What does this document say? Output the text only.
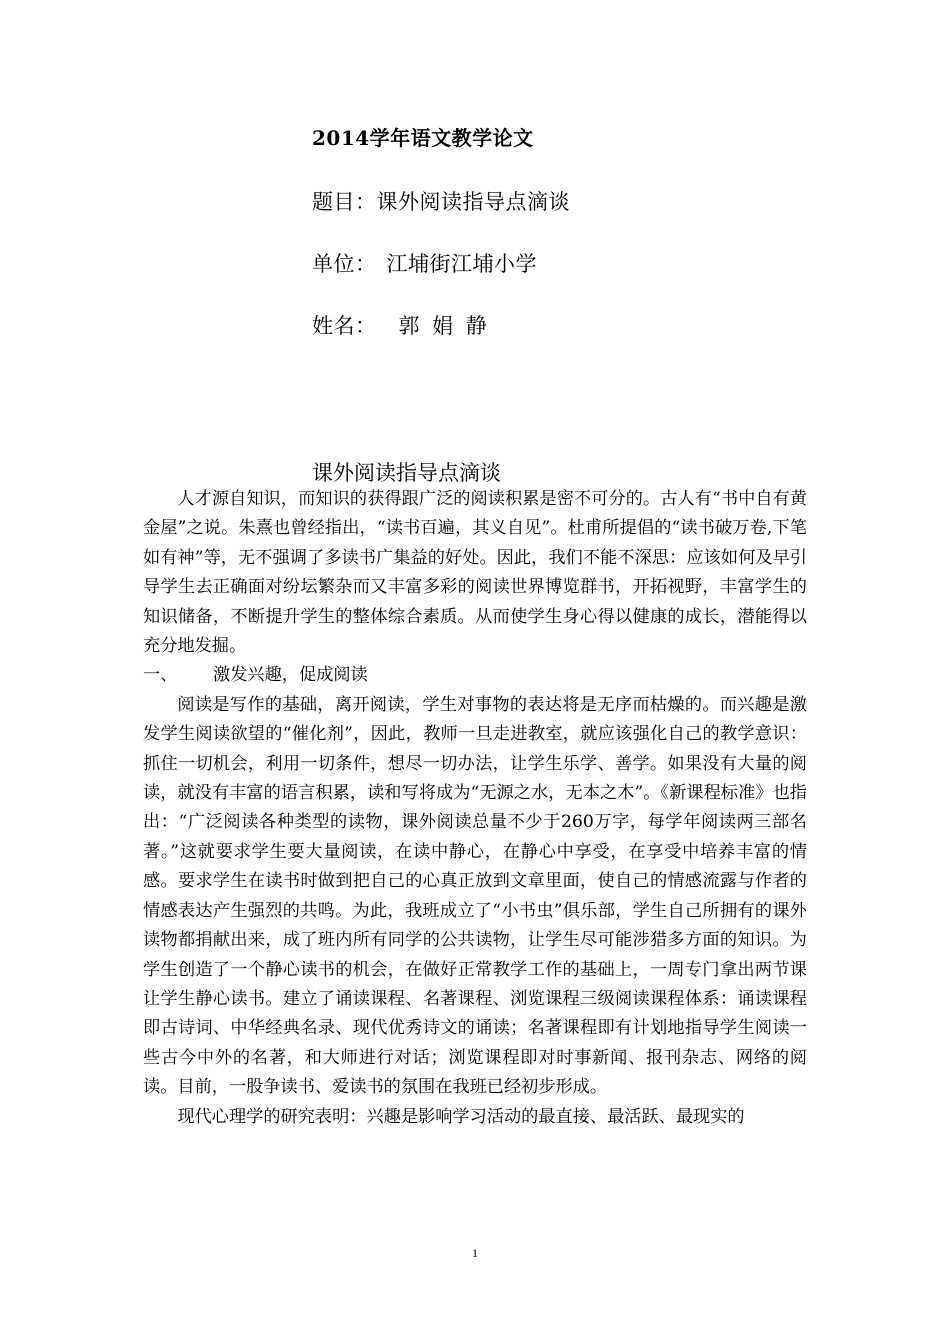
2014学年语文教学论文
题目：课外阅读指导点滴谈
单位： 江埔街江埔小学
姓名： 郭 娟 静
课外阅读指导点滴谈

人才源自知识，而知识的获得跟广泛的阅读积累是密不可分的。古人有“书中自有黄金屋”之说。朱熹也曾经指出，“读书百遍，其义自见”。杜甫所提倡的“读书破万卷,下笔如有神”等，无不强调了多读书广集益的好处。因此，我们不能不深思：应该如何及早引导学生去正确面对纷坛繁杂而又丰富多彩的阅读世界博览群书，开拓视野，丰富学生的知识储备，不断提升学生的整体综合素质。从而使学生身心得以健康的成长，潜能得以充分地发掘。

一、 激发兴趣，促成阅读

阅读是写作的基础，离开阅读，学生对事物的表达将是无序而枯燥的。而兴趣是激发学生阅读欲望的“催化剂”，因此，教师一旦走进教室，就应该强化自己的教学意识：抓住一切机会，利用一切条件，想尽一切办法，让学生乐学、善学。如果没有大量的阅读，就没有丰富的语言积累，读和写将成为“无源之水，无本之木”。《新课程标准》也指出：“广泛阅读各种类型的读物，课外阅读总量不少于260万字，每学年阅读两三部名著。”这就要求学生要大量阅读，在读中静心，在静心中享受，在享受中培养丰富的情感。要求学生在读书时做到把自己的心真正放到文章里面，使自己的情感流露与作者的情感表达产生强烈的共鸣。为此，我班成立了“小书虫”俱乐部，学生自己所拥有的课外读物都捐献出来，成了班内所有同学的公共读物，让学生尽可能涉猎多方面的知识。为学生创造了一个静心读书的机会，在做好正常教学工作的基础上，一周专门拿出两节课让学生静心读书。建立了诵读课程、名著课程、浏览课程三级阅读课程体系：诵读课程即古诗词、中华经典名录、现代优秀诗文的诵读；名著课程即有计划地指导学生阅读一些古今中外的名著，和大师进行对话；浏览课程即对时事新闻、报刊杂志、网络的阅读。目前，一股争读书、爱读书的氛围在我班已经初步形成。

现代心理学的研究表明：兴趣是影响学习活动的最直接、最活跃、最现实的

1
